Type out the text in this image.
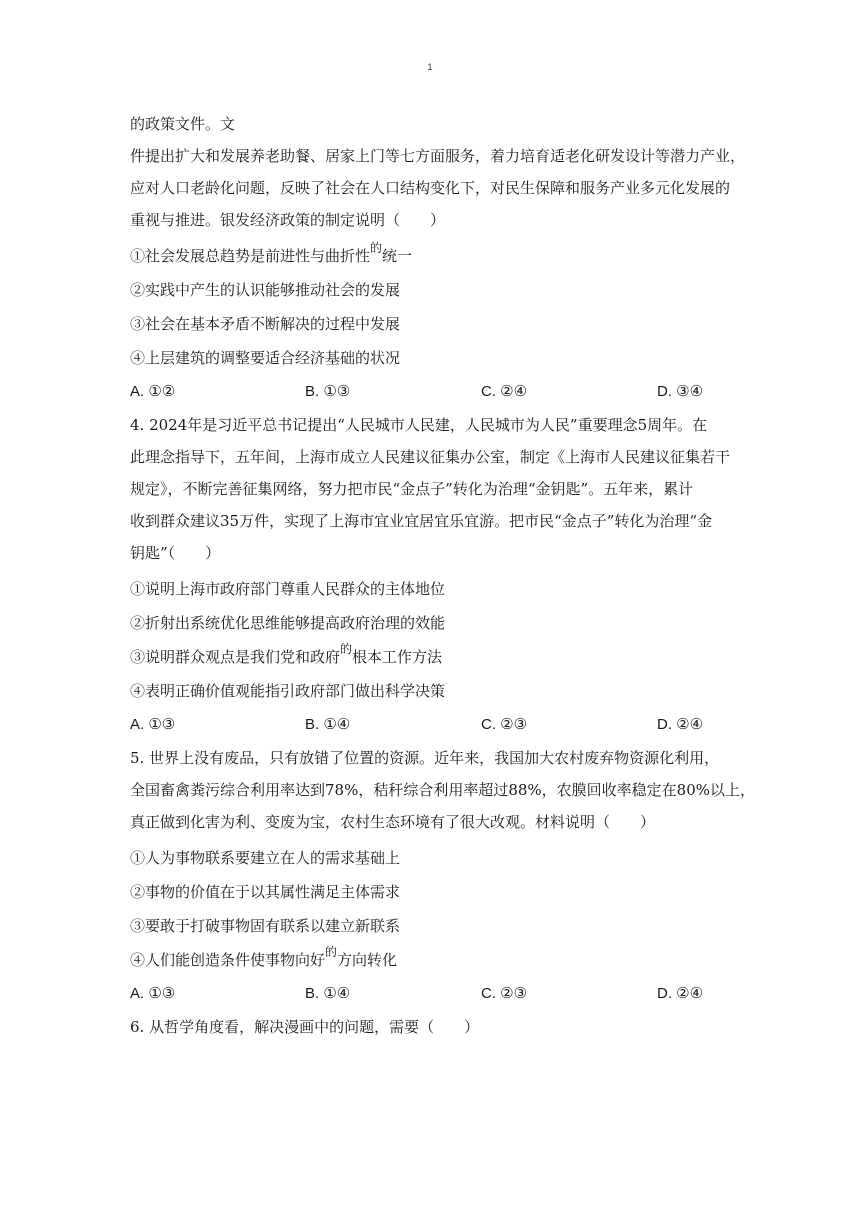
1
的政策文件。文
件提出扩大和发展养老助餐、居家上门等七方面服务，着力培育适老化研发设计等潜力产业，
应对人口老龄化问题，反映了社会在人口结构变化下，对民生保障和服务产业多元化发展的
重视与推进。银发经济政策的制定说明（　　）
①社会发展总趋势是前进性与曲折性$^的$统一
②实践中产生的认识能够推动社会的发展
③社会在基本矛盾不断解决的过程中发展
④上层建筑的调整要适合经济基础的状况
A. ①②	B. ①③	C. ②④	D. ③④
4. 2024年是习近平总书记提出“人民城市人民建，人民城市为人民”重要理念5周年。在
此理念指导下，五年间，上海市成立人民建议征集办公室，制定《上海市人民建议征集若干
规定》，不断完善征集网络，努力把市民“金点子”转化为治理“金钥匙”。五年来，累计
收到群众建议35万件，实现了上海市宜业宜居宜乐宜游。把市民“金点子”转化为治理“金
钥匙”（　　）
①说明上海市政府部门尊重人民群众的主体地位
②折射出系统优化思维能够提高政府治理的效能
③说明群众观点是我们党和政府$^的$根本工作方法
④表明正确价值观能指引政府部门做出科学决策
A. ①③	B. ①④	C. ②③	D. ②④
5. 世界上没有废品，只有放错了位置的资源。近年来，我国加大农村废弃物资源化利用，
全国畜禽粪污综合利用率达到78%，秸秆综合利用率超过88%，农膜回收率稳定在80%以上，
真正做到化害为利、变废为宝，农村生态环境有了很大改观。材料说明（　　）
①人为事物联系要建立在人的需求基础上
②事物的价值在于以其属性满足主体需求
③要敢于打破事物固有联系以建立新联系
④人们能创造条件使事物向好$^的$方向转化
A. ①③	B. ①④	C. ②③	D. ②④
6. 从哲学角度看，解决漫画中的问题，需要（　　）
